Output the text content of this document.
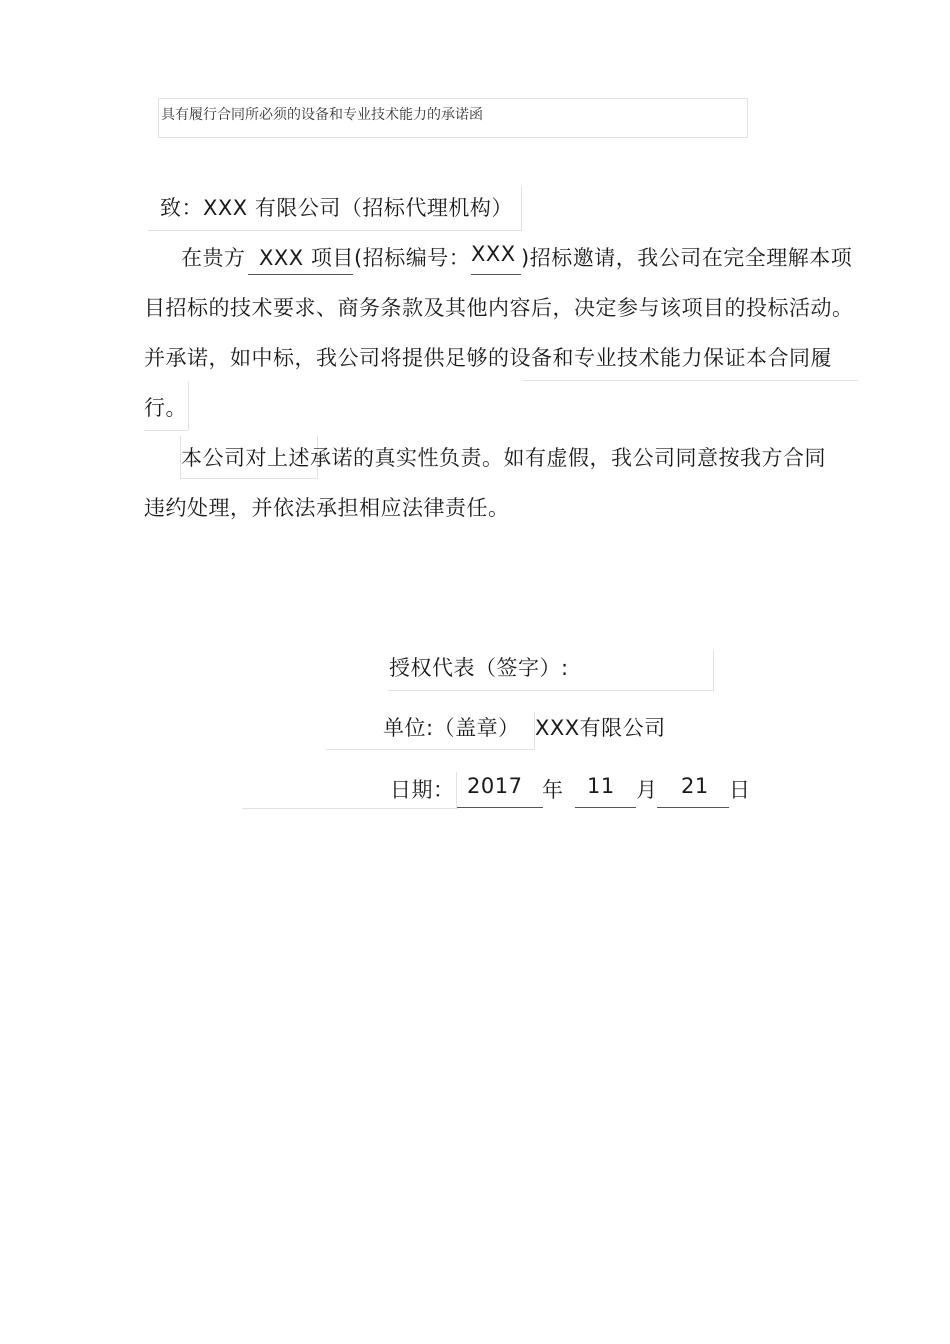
具有履行合同所必须的设备和专业技术能力的承诺函
致：XXX 有限公司（招标代理机构）
在贵方 XXX 项目 (招标编号： XXX )招标邀请，我公司在完全理解本项
目招标的技术要求、商务条款及其他内容后，决定参与该项目的投标活动。
并承诺，如中标，我公司将提供足够的设备和专业技术能力保证本合同履
行。
本公司对上述承诺的真实性负责。如有虚假，我公司同意按我方合同
违约处理，并依法承担相应法律责任。
授权代表（签字）:
单位:（盖章） XXX有限公司
日期： 2017 年 11 月 21 日
